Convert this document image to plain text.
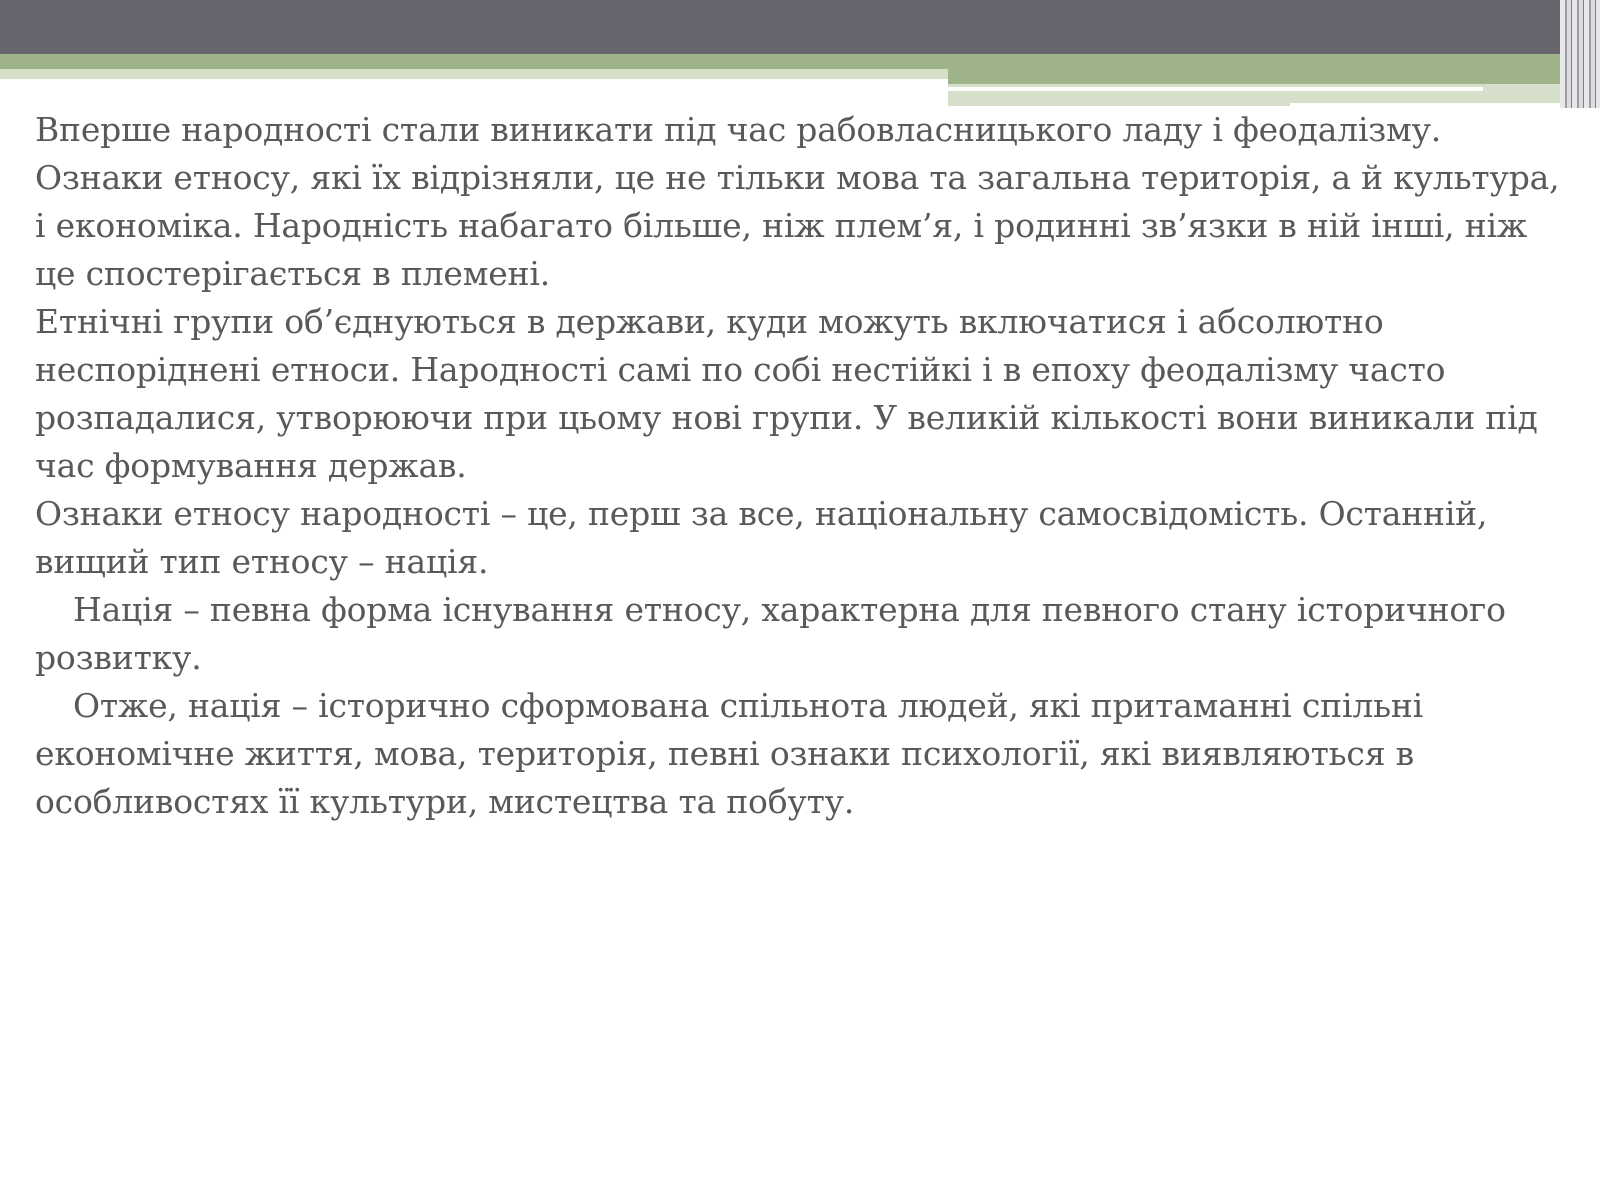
Вперше народності стали виникати під час рабовласницького ладу і феодалізму. Ознаки етносу, які їх відрізняли, це не тільки мова та загальна територія, а й культура, і економіка. Народність набагато більше, ніж плем’я, і родинні зв’язки в ній інші, ніж це спостерігається в племені.

Етнічні групи об’єднуються в держави, куди можуть включатися і абсолютно неспоріднені етноси. Народності самі по собі нестійкі і в епоху феодалізму часто розпадалися, утворюючи при цьому нові групи. У великій кількості вони виникали під час формування держав.

Ознаки етносу народності – це, перш за все, національну самосвідомість. Останній, вищий тип етносу – нація.

Нація – певна форма існування етносу, характерна для певного стану історичного розвитку.

Отже, нація – історично сформована спільнота людей, які притаманні спільні економічне життя, мова, територія, певні ознаки психології, які виявляються в особливостях її культури, мистецтва та побуту.
